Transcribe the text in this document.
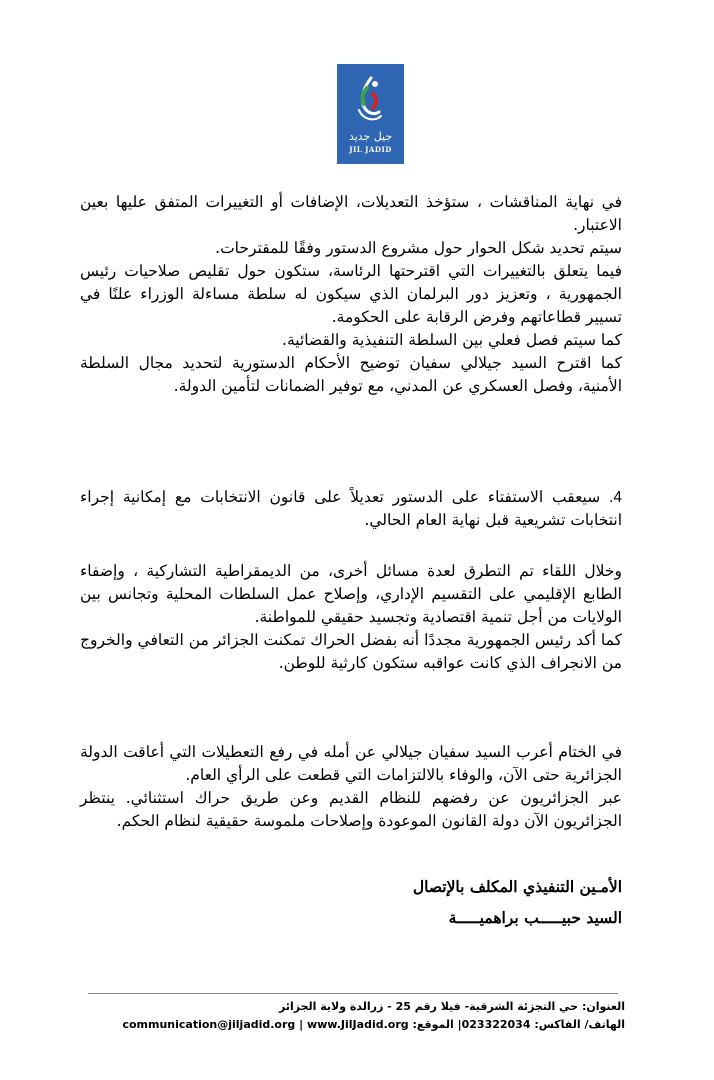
جيل جديد
JIL JADID

في نهاية المناقشات ، ستؤخذ التعديلات، الإضافات أو التغييرات المتفق عليها بعين الاعتبار.

سيتم تحديد شكل الحوار حول مشروع الدستور وفقًا للمقترحات.

فيما يتعلق بالتغييرات التي اقترحتها الرئاسة، ستكون حول تقليص صلاحيات رئيس الجمهورية ، وتعزيز دور البرلمان الذي سيكون له سلطة مساءلة الوزراء علنًا في تسيير قطاعاتهم وفرض الرقابة على الحكومة.

كما سيتم فصل فعلي بين السلطة التنفيذية والقضائية.

كما اقترح السيد جيلالي سفيان توضيح الأحكام الدستورية لتحديد مجال السلطة الأمنية، وفصل العسكري عن المدني، مع توفير الضمانات لتأمين الدولة.

4. سيعقب الاستفتاء على الدستور تعديلاً على قانون الانتخابات مع إمكانية إجراء انتخابات تشريعية قبل نهاية العام الحالي.

وخلال اللقاء تم التطرق لعدة مسائل أخرى، من الديمقراطية التشاركية ، وإضفاء الطابع الإقليمي على التقسيم الإداري، وإصلاح عمل السلطات المحلية وتجانس بين الولايات من أجل تنمية اقتصادية وتجسيد حقيقي للمواطنة.

كما أكد رئيس الجمهورية مجددًا أنه بفضل الحراك تمكنت الجزائر من التعافي والخروج من الانجراف الذي كانت عواقبه ستكون كارثية للوطن.

في الختام أعرب السيد سفيان جيلالي عن أمله في رفع التعطيلات التي أعاقت الدولة الجزائرية حتى الآن، والوفاء بالالتزامات التي قطعت على الرأي العام.

عبر الجزائريون عن رفضهم للنظام القديم وعن طريق حراك استثنائي. ينتظر الجزائريون الآن دولة القانون الموعودة وإصلاحات ملموسة حقيقية لنظام الحكم.

الأمـين التنفيذي المكلف بالإتصال
السيد حبيـــــب براهميـــــة
العنوان: حي التجزئة الشرقية- فيلا رقم 25 - زرالدة ولاية الجزائر
الهاتف/ الفاكس: 023322034| الموقع: communication@jiljadid.org | www.JilJadid.org
